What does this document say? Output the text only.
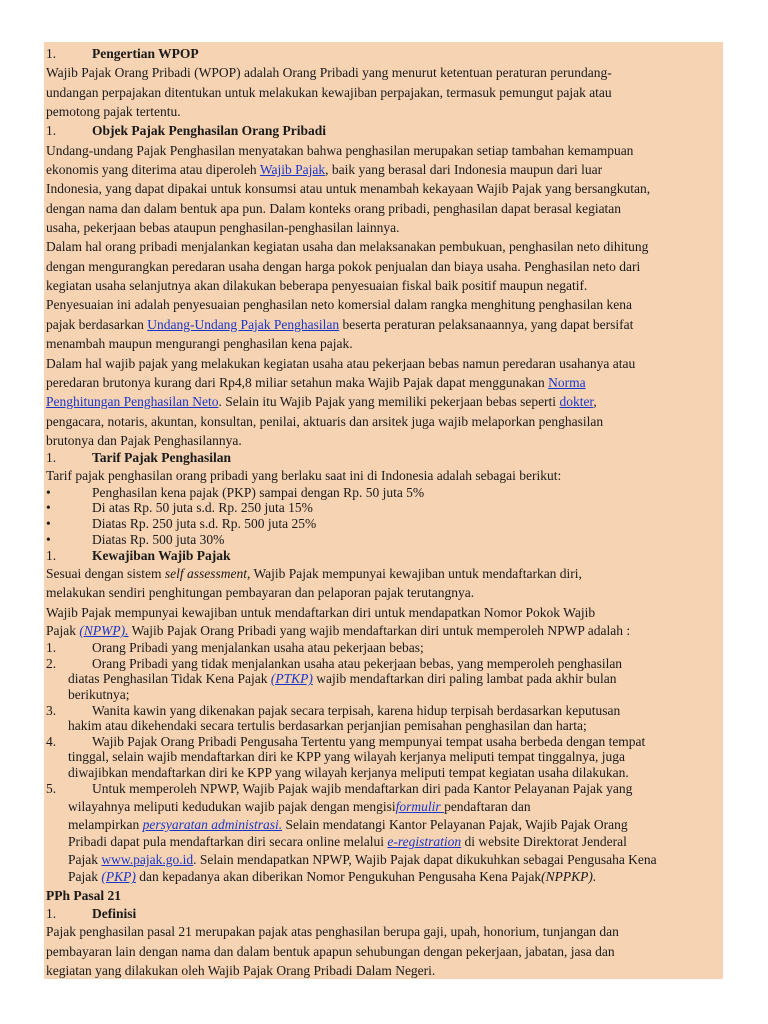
1.	Pengertian WPOP
Wajib Pajak Orang Pribadi (WPOP) adalah Orang Pribadi yang menurut ketentuan peraturan perundang-
undangan perpajakan ditentukan untuk melakukan kewajiban perpajakan, termasuk pemungut pajak atau
pemotong pajak tertentu.
1.	Objek Pajak Penghasilan Orang Pribadi
Undang-undang Pajak Penghasilan menyatakan bahwa penghasilan merupakan setiap tambahan kemampuan
ekonomis yang diterima atau diperoleh Wajib Pajak, baik yang berasal dari Indonesia maupun dari luar
Indonesia, yang dapat dipakai untuk konsumsi atau untuk menambah kekayaan Wajib Pajak yang bersangkutan,
dengan nama dan dalam bentuk apa pun. Dalam konteks orang pribadi, penghasilan dapat berasal kegiatan
usaha, pekerjaan bebas ataupun penghasilan-penghasilan lainnya.
Dalam hal orang pribadi menjalankan kegiatan usaha dan melaksanakan pembukuan, penghasilan neto dihitung
dengan mengurangkan peredaran usaha dengan harga pokok penjualan dan biaya usaha. Penghasilan neto dari
kegiatan usaha selanjutnya akan dilakukan beberapa penyesuaian fiskal baik positif maupun negatif.
Penyesuaian ini adalah penyesuaian penghasilan neto komersial dalam rangka menghitung penghasilan kena
pajak berdasarkan Undang-Undang Pajak Penghasilan beserta peraturan pelaksanaannya, yang dapat bersifat
menambah maupun mengurangi penghasilan kena pajak.
Dalam hal wajib pajak yang melakukan kegiatan usaha atau pekerjaan bebas namun peredaran usahanya atau
peredaran brutonya kurang dari Rp4,8 miliar setahun maka Wajib Pajak dapat menggunakan Norma
Penghitungan Penghasilan Neto. Selain itu Wajib Pajak yang memiliki pekerjaan bebas seperti dokter,
pengacara, notaris, akuntan, konsultan, penilai, aktuaris dan arsitek juga wajib melaporkan penghasilan
brutonya dan Pajak Penghasilannya.
1.	Tarif Pajak Penghasilan
Tarif pajak penghasilan orang pribadi yang berlaku saat ini di Indonesia adalah sebagai berikut:
•	Penghasilan kena pajak (PKP) sampai dengan Rp. 50 juta 5%
•	Di atas Rp. 50 juta s.d. Rp. 250 juta 15%
•	Diatas Rp. 250 juta s.d. Rp. 500 juta 25%
•	Diatas Rp. 500 juta 30%
1.	Kewajiban Wajib Pajak
Sesuai dengan sistem self assessment, Wajib Pajak mempunyai kewajiban untuk mendaftarkan diri,
melakukan sendiri penghitungan pembayaran dan pelaporan pajak terutangnya.
Wajib Pajak mempunyai kewajiban untuk mendaftarkan diri untuk mendapatkan Nomor Pokok Wajib
Pajak (NPWP). Wajib Pajak Orang Pribadi yang wajib mendaftarkan diri untuk memperoleh NPWP adalah :
1.	Orang Pribadi yang menjalankan usaha atau pekerjaan bebas;
2.	Orang Pribadi yang tidak menjalankan usaha atau pekerjaan bebas, yang memperoleh penghasilan
diatas Penghasilan Tidak Kena Pajak (PTKP) wajib mendaftarkan diri paling lambat pada akhir bulan
berikutnya;
3.	Wanita kawin yang dikenakan pajak secara terpisah, karena hidup terpisah berdasarkan keputusan
hakim atau dikehendaki secara tertulis berdasarkan perjanjian pemisahan penghasilan dan harta;
4.	Wajib Pajak Orang Pribadi Pengusaha Tertentu yang mempunyai tempat usaha berbeda dengan tempat
tinggal, selain wajib mendaftarkan diri ke KPP yang wilayah kerjanya meliputi tempat tinggalnya, juga
diwajibkan mendaftarkan diri ke KPP yang wilayah kerjanya meliputi tempat kegiatan usaha dilakukan.
5.	Untuk memperoleh NPWP, Wajib Pajak wajib mendaftarkan diri pada Kantor Pelayanan Pajak yang
wilayahnya meliputi kedudukan wajib pajak dengan mengisiformulir pendaftaran dan
melampirkan persyaratan administrasi. Selain mendatangi Kantor Pelayanan Pajak, Wajib Pajak Orang
Pribadi dapat pula mendaftarkan diri secara online melalui e-registration di website Direktorat Jenderal
Pajak www.pajak.go.id. Selain mendapatkan NPWP, Wajib Pajak dapat dikukuhkan sebagai Pengusaha Kena
Pajak (PKP) dan kepadanya akan diberikan Nomor Pengukuhan Pengusaha Kena Pajak(NPPKP).
PPh Pasal 21
1.	Definisi
Pajak penghasilan pasal 21 merupakan pajak atas penghasilan berupa gaji, upah, honorium, tunjangan dan
pembayaran lain dengan nama dan dalam bentuk apapun sehubungan dengan pekerjaan, jabatan, jasa dan
kegiatan yang dilakukan oleh Wajib Pajak Orang Pribadi Dalam Negeri.
